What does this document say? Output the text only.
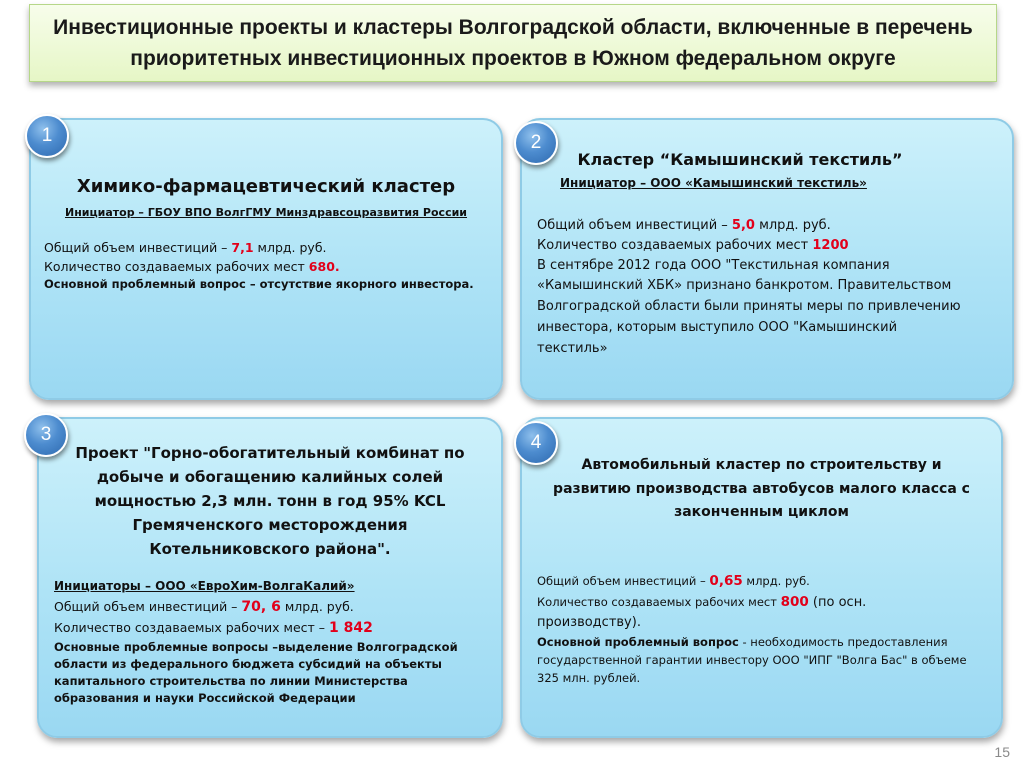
Инвестиционные проекты и кластеры Волгоградской области, включенные в перечень
приоритетных инвестиционных проектов в Южном федеральном округе
1
Химико-фармацевтический кластер
Инициатор – ГБОУ ВПО ВолгГМУ Минздравсоцразвития России
Общий объем инвестиций – 7,1 млрд. руб.
Количество создаваемых рабочих мест 680.
Основной проблемный вопрос – отсутствие якорного инвестора.
2
Кластер “Камышинский текстиль”
Инициатор – ООО «Камышинский текстиль»
Общий объем инвестиций – 5,0 млрд. руб.
Количество создаваемых рабочих мест 1200
В сентябре 2012 года ООО "Текстильная компания
«Камышинский ХБК» признано банкротом. Правительством
Волгоградской области были приняты меры по привлечению
инвестора, которым выступило ООО "Камышинский
текстиль»
3
Проект "Горно-обогатительный комбинат по
добыче и обогащению калийных солей
мощностью 2,3 млн. тонн в год 95% KCL
Гремяченского месторождения
Котельниковского района".
Инициаторы – ООО «ЕвроХим-ВолгаКалий»
Общий объем инвестиций – 70, 6 млрд. руб.
Количество создаваемых рабочих мест – 1 842
Основные проблемные вопросы –выделение Волгоградской
области из федерального бюджета субсидий на объекты
капитального строительства по линии Министерства
образования и науки Российской Федерации
4
Автомобильный кластер по строительству и
развитию производства автобусов малого класса с
законченным циклом
Общий объем инвестиций – 0,65 млрд. руб.
Количество создаваемых рабочих мест 800 (по осн.
производству).
Основной проблемный вопрос - необходимость предоставления
государственной гарантии инвестору ООО "ИПГ "Волга Бас" в объеме
325 млн. рублей.
15
